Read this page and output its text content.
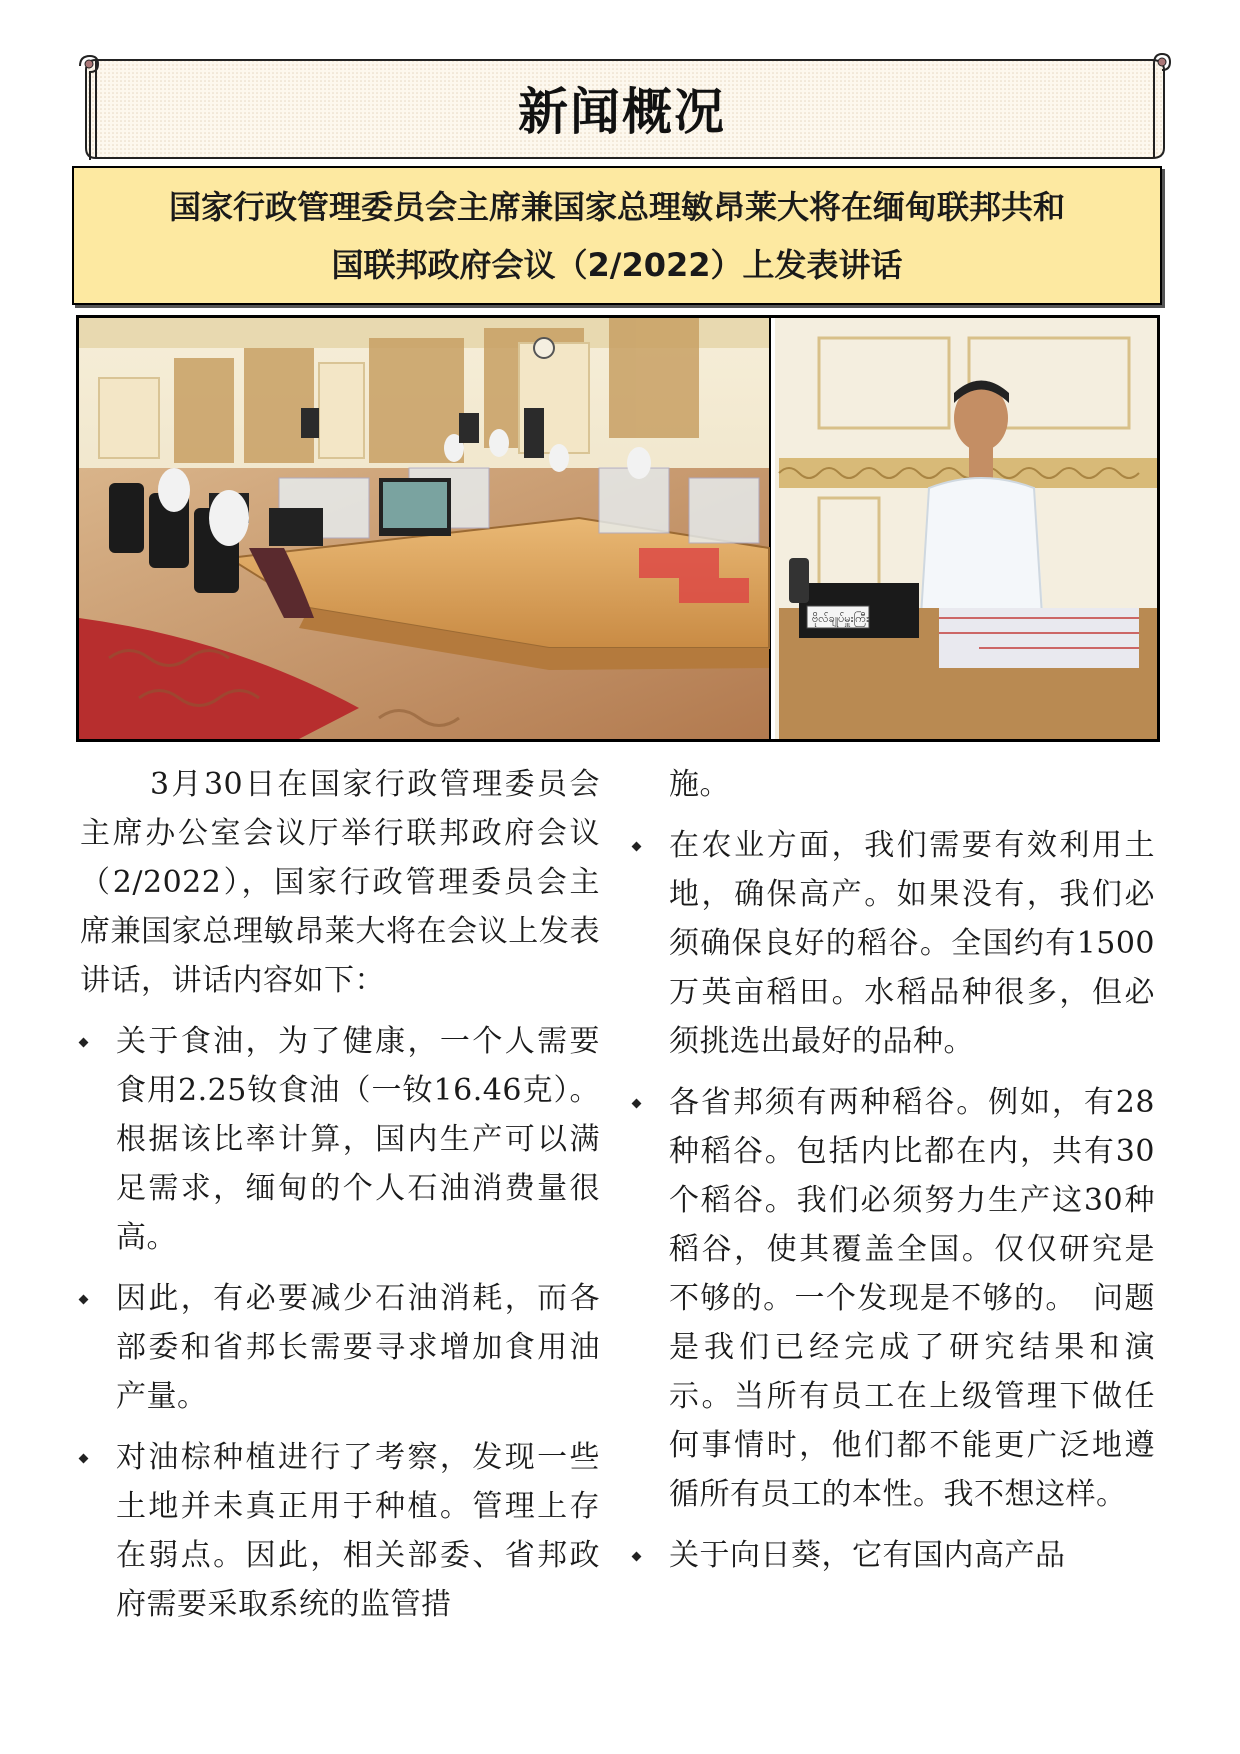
新闻概况
国家行政管理委员会主席兼国家总理敏昂莱大将在缅甸联邦共和
国联邦政府会议（2/2022）上发表讲话
ဗိုလ်ချုပ်မှူးကြီး

3月30日在国家行政管理委员会主席办公室会议厅举行联邦政府会议（2/2022），国家行政管理委员会主席兼国家总理敏昂莱大将在会议上发表讲话，讲话内容如下：

关于食油，为了健康，一个人需要食用2.25钕食油（一钕16.46克）。根据该比率计算，国内生产可以满足需求，缅甸的个人石油消费量很高。
因此，有必要减少石油消耗，而各部委和省邦长需要寻求增加食用油产量。
对油棕种植进行了考察，发现一些土地并未真正用于种植。管理上存在弱点。因此，相关部委、省邦政府需要采取系统的监管措

施。

在农业方面，我们需要有效利用土地，确保高产。如果没有，我们必须确保良好的稻谷。全国约有1500万英亩稻田。水稻品种很多，但必须挑选出最好的品种。
各省邦须有两种稻谷。例如，有28种稻谷。包括内比都在内，共有30个稻谷。我们必须努力生产这30种稻谷，使其覆盖全国。仅仅研究是不够的。一个发现是不够的。　问题是我们已经完成了研究结果和演示。当所有员工在上级管理下做任何事情时，他们都不能更广泛地遵循所有员工的本性。我不想这样。
关于向日葵，它有国内高产品
